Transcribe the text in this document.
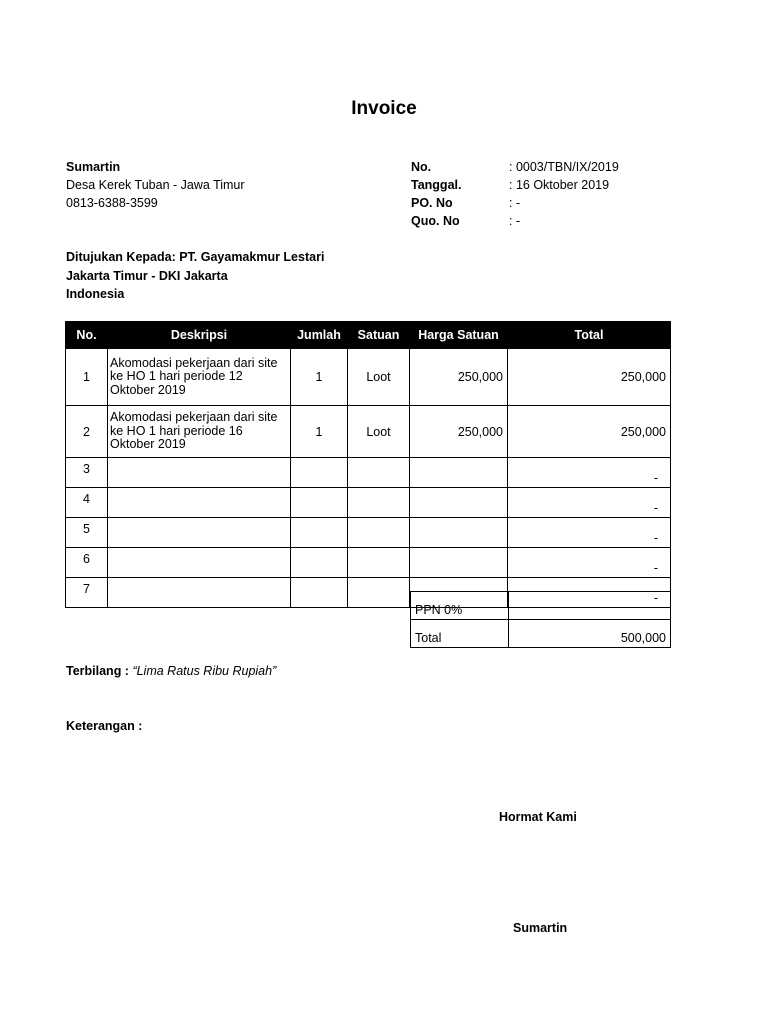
Invoice
Sumartin
Desa Kerek Tuban - Jawa Timur
0813-6388-3599
No.	: 0003/TBN/IX/2019
Tanggal.	: 16 Oktober 2019
PO. No	: -
Quo. No	: -
Ditujukan Kepada: PT. Gayamakmur Lestari
Jakarta Timur - DKI Jakarta
Indonesia
No.	Deskripsi	Jumlah	Satuan	Harga Satuan	Total
1	Akomodasi pekerjaan dari site ke HO 1 hari periode 12 Oktober 2019	1	Loot	250,000	250,000
2	Akomodasi pekerjaan dari site ke HO 1 hari periode 16 Oktober 2019	1	Loot	250,000	250,000
3					-
4					-
5					-
6					-
7					-
PPN 0%	
Total	500,000
Terbilang : “Lima Ratus Ribu Rupiah”
Keterangan :
Hormat Kami
Sumartin
